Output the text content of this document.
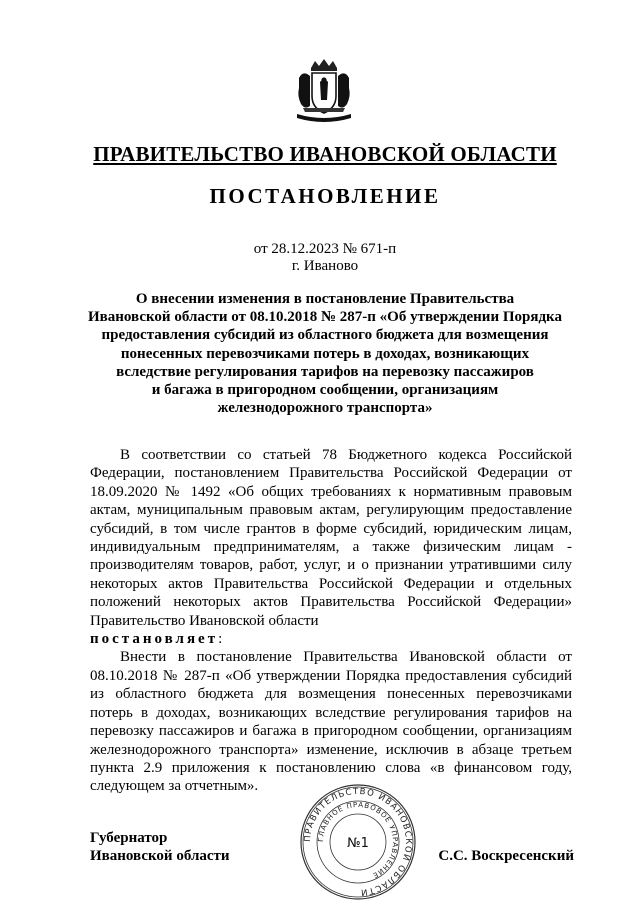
ПРАВИТЕЛЬСТВО ИВАНОВСКОЙ ОБЛАСТИ
ПОСТАНОВЛЕНИЕ
от 28.12.2023 № 671-п
г. Иваново
О внесении изменения в постановление Правительства
Ивановской области от 08.10.2018 № 287-п «Об утверждении Порядка
предоставления субсидий из областного бюджета для возмещения
понесенных перевозчиками потерь в доходах, возникающих
вследствие регулирования тарифов на перевозку пассажиров
и багажа в пригородном сообщении, организациям
железнодорожного транспорта»

В соответствии со статьей 78 Бюджетного кодекса Российской Федерации, постановлением Правительства Российской Федерации от 18.09.2020 № 1492 «Об общих требованиях к нормативным правовым актам, муниципальным правовым актам, регулирующим предоставление субсидий, в том числе грантов в форме субсидий, юридическим лицам, индивидуальным предпринимателям, а также физическим лицам - производителям товаров, работ, услуг, и о признании утратившими силу некоторых актов Правительства Российской Федерации и отдельных положений некоторых актов Правительства Российской Федерации» Правительство Ивановской области
постановляет:

Внести в постановление Правительства Ивановской области от 08.10.2018 № 287-п «Об утверждении Порядка предоставления субсидий из областного бюджета для возмещения понесенных перевозчиками потерь в доходах, возникающих вследствие регулирования тарифов на перевозку пассажиров и багажа в пригородном сообщении, организациям железнодорожного транспорта» изменение, исключив в абзаце третьем пункта 2.9 приложения к постановлению слова «в финансовом году, следующем за отчетным».

Губернатор
Ивановской области	С.С. Воскресенский
ПРАВИТЕЛЬСТВО ИВАНОВСКОЙ ОБЛАСТИ
ГЛАВНОЕ ПРАВОВОЕ УПРАВЛЕНИЕ
№1
